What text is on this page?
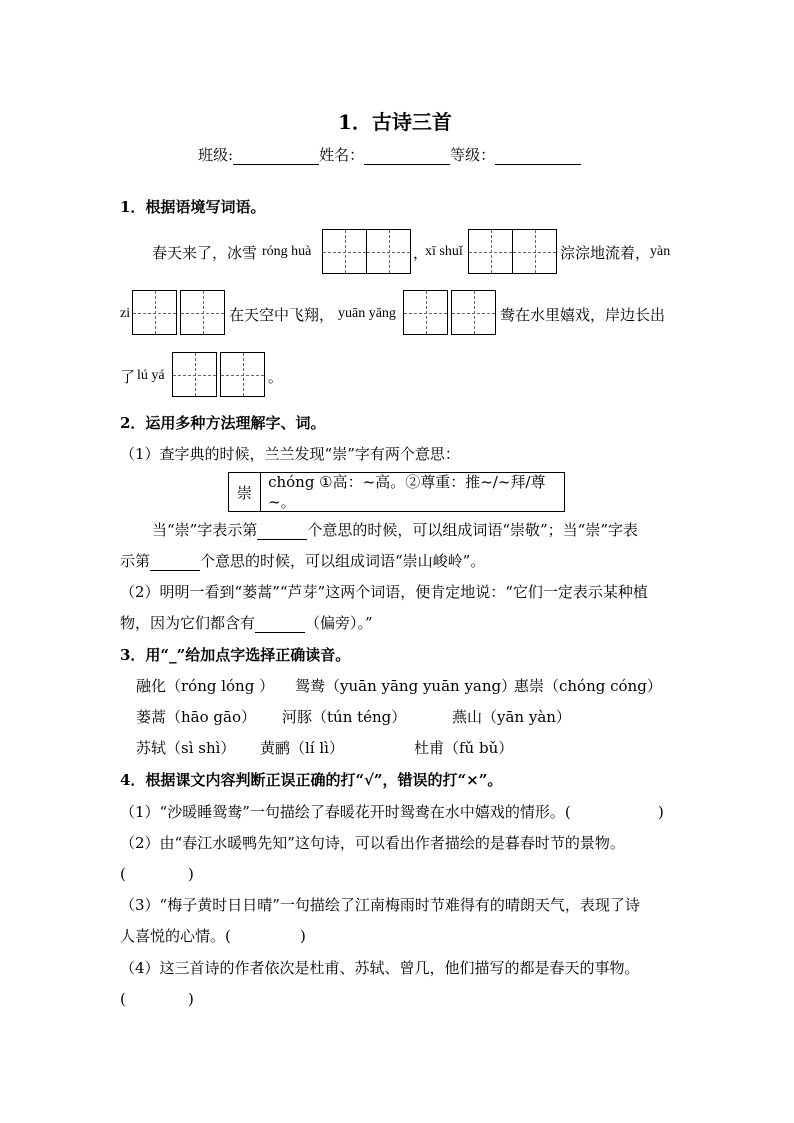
1．古诗三首
班级:	姓名：	等级：
1．根据语境写词语。
春天来了，冰雪 róng huà	，
xī shuǐ	淙淙地流着， yàn
zi	在天空中飞翔， yuān yāng	鸯在水里嬉戏，岸边长出
了 lú yá	。
2．运用多种方法理解字、词。
（1）查字典的时候，兰兰发现“崇”字有两个意思：
崇
chóng ①高：~高。②尊重：推~/~拜/尊~。
当“崇”字表示第	个意思的时候，可以组成词语“崇敬”；当“崇”字表
示第	个意思的时候，可以组成词语“崇山峻岭”。
（2）明明一看到“蒌蒿”“芦芽”这两个词语，便肯定地说：“它们一定表示某种植
物，因为它们都含有	（偏旁）。”
3．用“_”给加点字选择正确读音。
融化（róng lóng ） 鸳鸯（yuān yāng yuān yang）
惠崇（chóng cóng）
蒌蒿（hāo gāo） 河豚（tún téng）	燕山（yān yàn）
苏轼（sì shì） 黄鹂（lí lì）	杜甫（fǔ bǔ）
4．根据课文内容判断正误正确的打“√”，错误的打“×”。
（1）“沙暖睡鸳鸯”一句描绘了春暖花开时鸳鸯在水中嬉戏的情形。(	)
（2）由“春江水暖鸭先知”这句诗，可以看出作者描绘的是暮春时节的景物。
(	)
（3）“梅子黄时日日晴”一句描绘了江南梅雨时节难得有的晴朗天气，表现了诗
人喜悦的心情。(	)
（4）这三首诗的作者依次是杜甫、苏轼、曾几，他们描写的都是春天的事物。
(	)
